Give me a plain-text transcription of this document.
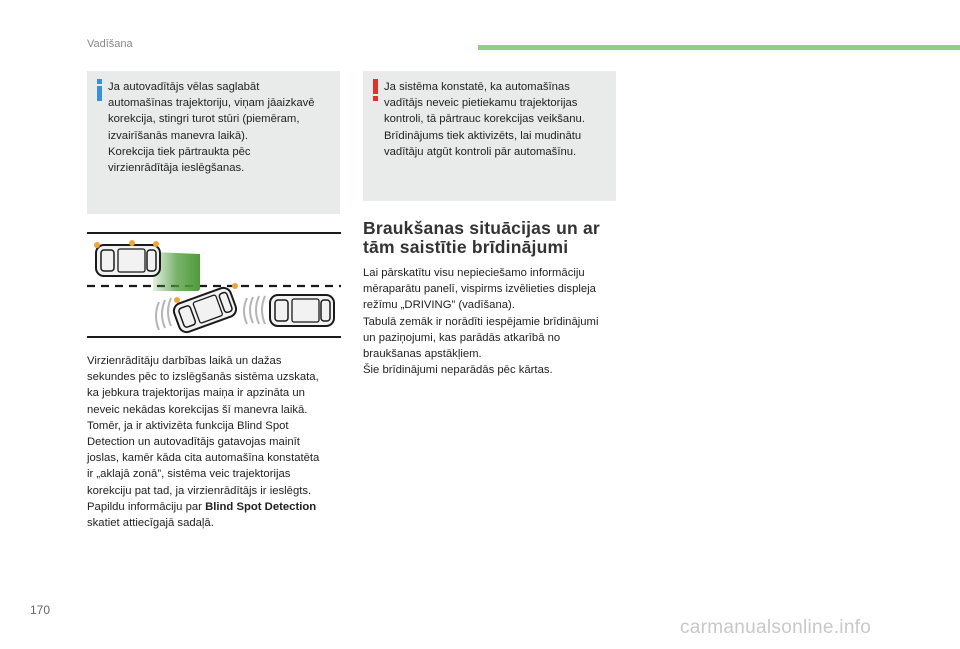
Vadīšana

Ja autovadītājs vēlas saglabāt

automašīnas trajektoriju, viņam jāaizkavē

korekcija, stingri turot stūri (piemēram,

izvairīšanās manevra laikā).

Korekcija tiek pārtraukta pēc

virzienrādītāja ieslēgšanas.

Ja sistēma konstatē, ka automašīnas

vadītājs neveic pietiekamu trajektorijas

kontroli, tā pārtrauc korekcijas veikšanu.

Brīdinājums tiek aktivizēts, lai mudinātu

vadītāju atgūt kontroli pār automašīnu.

Braukšanas situācijas un ar
tām saistītie brīdinājumi

Lai pārskatītu visu nepieciešamo informāciju

mēraparātu panelī, vispirms izvēlieties displeja

režīmu „DRIVING” (vadīšana).

Tabulā zemāk ir norādīti iespējamie brīdinājumi

un paziņojumi, kas parādās atkarībā no

braukšanas apstākļiem.

Šie brīdinājumi neparādās pēc kārtas.

Virzienrādītāju darbības laikā un dažas

sekundes pēc to izslēgšanās sistēma uzskata,

ka jebkura trajektorijas maiņa ir apzināta un

neveic nekādas korekcijas šī manevra laikā.

Tomēr, ja ir aktivizēta funkcija Blind Spot

Detection un autovadītājs gatavojas mainīt

joslas, kamēr kāda cita automašīna konstatēta

ir „aklajā zonā”, sistēma veic trajektorijas

korekciju pat tad, ja virzienrādītājs ir ieslēgts.

Papildu informāciju par Blind Spot Detection

skatiet attiecīgajā sadaļā.

170
carmanualsonline.info
